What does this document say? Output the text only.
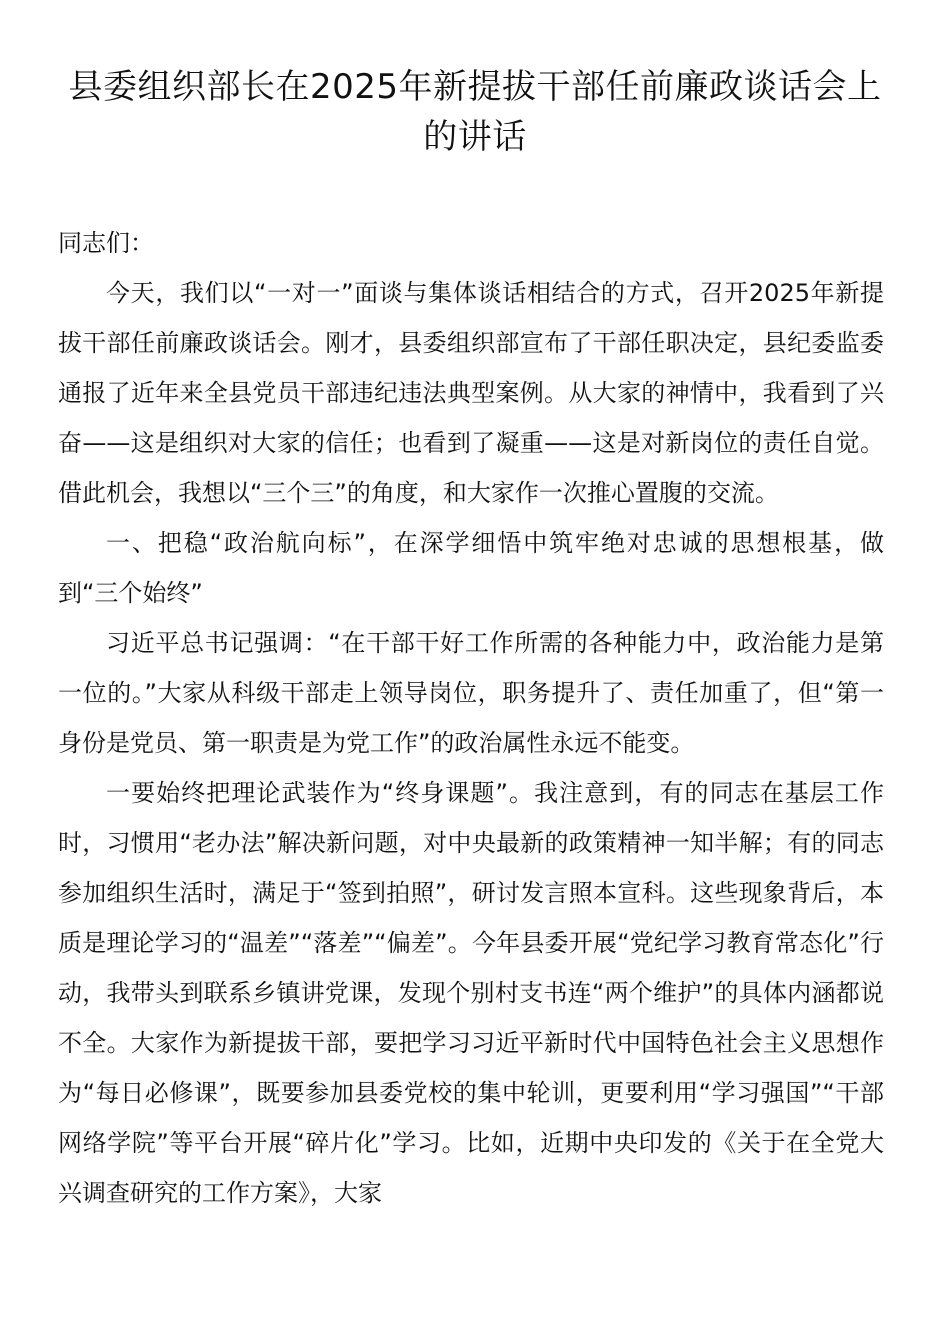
县委组织部长在2025年新提拔干部任前廉政谈话会上的讲话

同志们：

今天，我们以“一对一”面谈与集体谈话相结合的方式，召开2025年新提拔干部任前廉政谈话会。刚才，县委组织部宣布了干部任职决定，县纪委监委通报了近年来全县党员干部违纪违法典型案例。从大家的神情中，我看到了兴奋——这是组织对大家的信任；也看到了凝重——这是对新岗位的责任自觉。借此机会，我想以“三个三”的角度，和大家作一次推心置腹的交流。

一、把稳“政治航向标”，在深学细悟中筑牢绝对忠诚的思想根基，做到“三个始终”

习近平总书记强调：“在干部干好工作所需的各种能力中，政治能力是第一位的。”大家从科级干部走上领导岗位，职务提升了、责任加重了，但“第一身份是党员、第一职责是为党工作”的政治属性永远不能变。

一要始终把理论武装作为“终身课题”。我注意到，有的同志在基层工作时，习惯用“老办法”解决新问题，对中央最新的政策精神一知半解；有的同志参加组织生活时，满足于“签到拍照”，研讨发言照本宣科。这些现象背后，本质是理论学习的“温差”“落差”“偏差”。今年县委开展“党纪学习教育常态化”行动，我带头到联系乡镇讲党课，发现个别村支书连“两个维护”的具体内涵都说不全。大家作为新提拔干部，要把学习习近平新时代中国特色社会主义思想作为“每日必修课”，既要参加县委党校的集中轮训，更要利用“学习强国”“干部网络学院”等平台开展“碎片化”学习。比如，近期中央印发的《关于在全党大兴调查研究的工作方案》，大家
